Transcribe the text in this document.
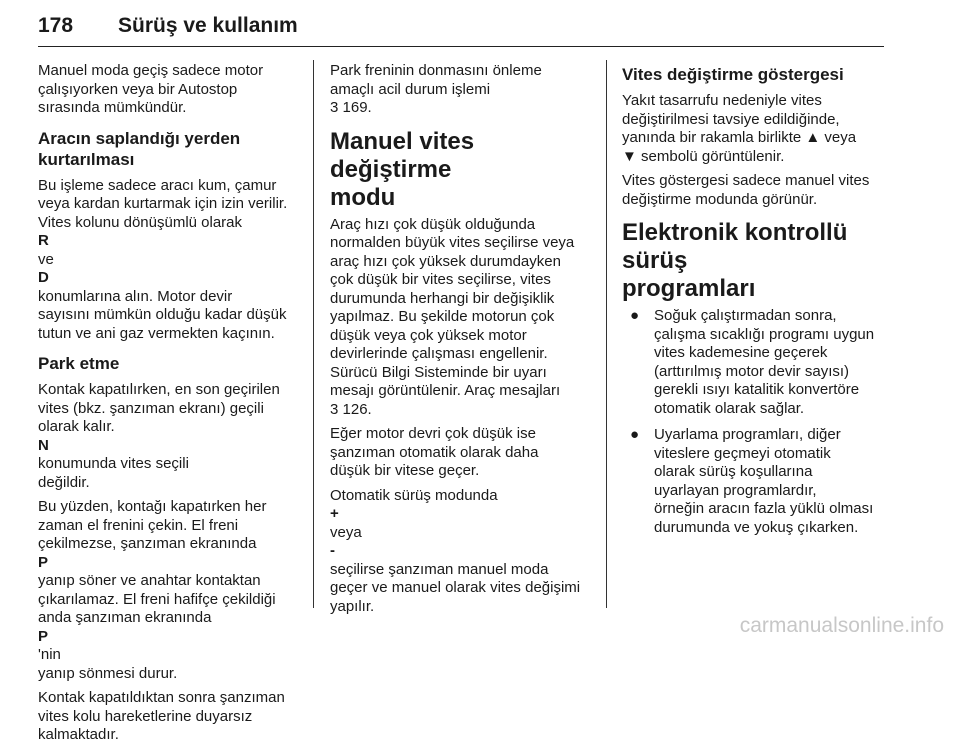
178 Sürüş ve kullanım

Manuel moda geçiş sadece motor
çalışıyorken veya bir Autostop
sırasında mümkündür.

Aracın saplandığı yerden
kurtarılması

Bu işleme sadece aracı kum, çamur
veya kardan kurtarmak için izin verilir.
Vites kolunu dönüşümlü olarak
R
ve
D
konumlarına alın. Motor devir
sayısını mümkün olduğu kadar düşük
tutun ve ani gaz vermekten kaçının.

Park etme

Kontak kapatılırken, en son geçirilen
vites (bkz. şanzıman ekranı) geçili
olarak kalır.
N
konumunda vites seçili
değildir.

Bu yüzden, kontağı kapatırken her
zaman el frenini çekin. El freni
çekilmezse, şanzıman ekranında
P
yanıp söner ve anahtar kontaktan
çıkarılamaz. El freni hafifçe çekildiği
anda şanzıman ekranında
P
'nin
yanıp sönmesi durur.

Kontak kapatıldıktan sonra şanzıman
vites kolu hareketlerine duyarsız
kalmaktadır.

Park freninin donmasını önleme
amaçlı acil durum işlemi
3 169.

Manuel vites değiştirme
modu

Araç hızı çok düşük olduğunda
normalden büyük vites seçilirse veya
araç hızı çok yüksek durumdayken
çok düşük bir vites seçilirse, vites
durumunda herhangi bir değişiklik
yapılmaz. Bu şekilde motorun çok
düşük veya çok yüksek motor
devirlerinde çalışması engellenir.
Sürücü Bilgi Sisteminde bir uyarı
mesajı görüntülenir. Araç mesajları
3 126.

Eğer motor devri çok düşük ise
şanzıman otomatik olarak daha
düşük bir vitese geçer.

Otomatik sürüş modunda
+
veya
-
seçilirse şanzıman manuel moda
geçer ve manuel olarak vites değişimi
yapılır.

Vites değiştirme göstergesi

Yakıt tasarrufu nedeniyle vites
değiştirilmesi tavsiye edildiğinde,
yanında bir rakamla birlikte ▲ veya
▼ sembolü görüntülenir.

Vites göstergesi sadece manuel vites
değiştirme modunda görünür.

Elektronik kontrollü sürüş
programları
● Soğuk çalıştırmadan sonra,
çalışma sıcaklığı programı uygun
vites kademesine geçerek
(arttırılmış motor devir sayısı)
gerekli ısıyı katalitik konvertöre
otomatik olarak sağlar.
● Uyarlama programları, diğer
viteslere geçmeyi otomatik
olarak sürüş koşullarına
uyarlayan programlardır,
örneğin aracın fazla yüklü olması
durumunda ve yokuş çıkarken.
carmanualsonline.info
